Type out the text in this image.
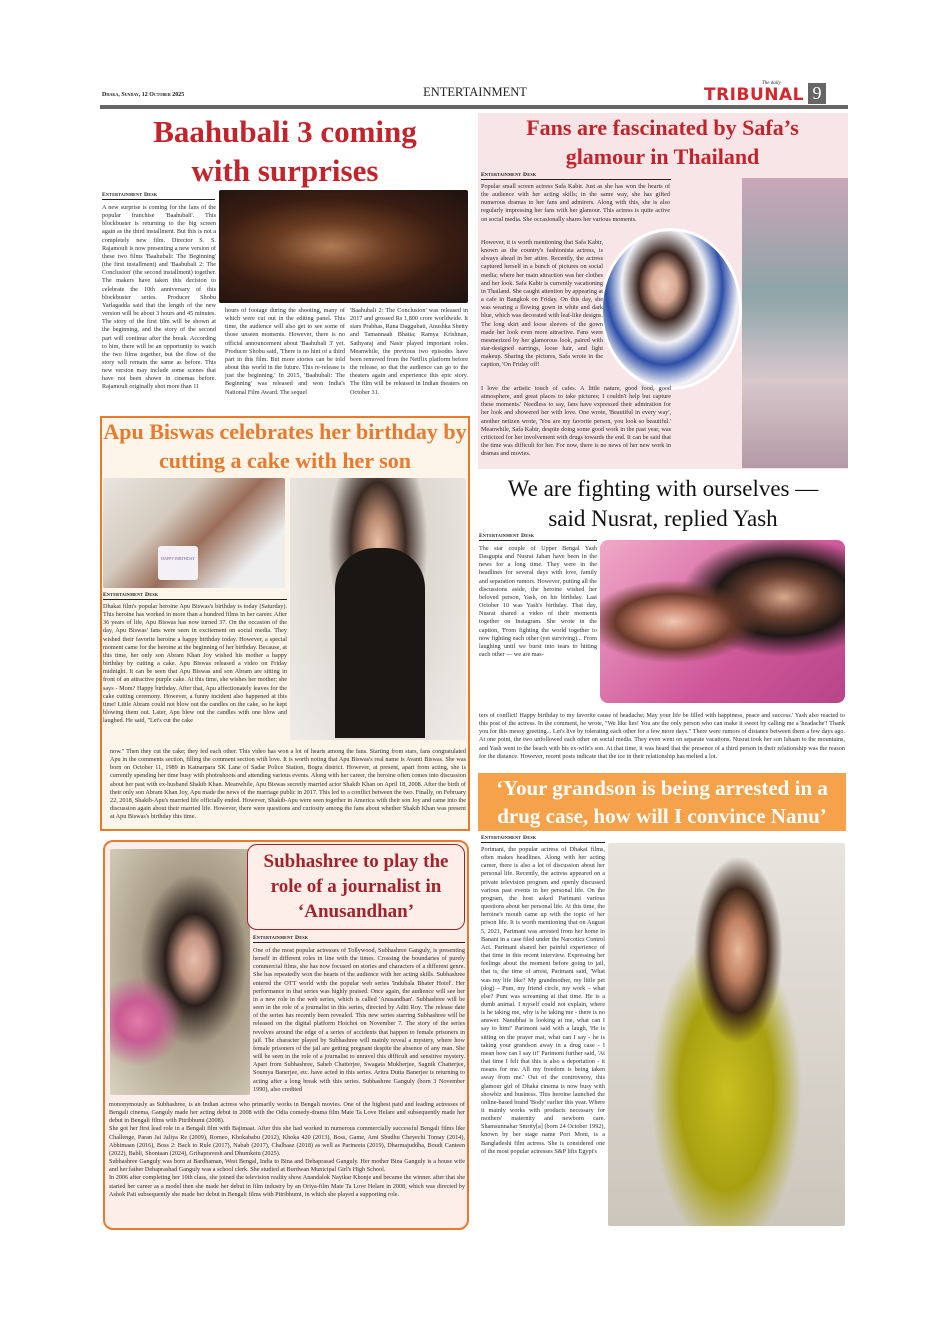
Dhaka, Sunday, 12 October 2025	ENTERTAINMENT
The daily
TRIBUNAL 9
Baahubali 3 coming with surprises
Entertainment Desk
A new surprise is coming for the fans of the popular franchise 'Baahubali'. This blockbuster is returning to the big screen again as the third installment. But this is not a completely new film. Director S. S. Rajamouli is now presenting a new version of these two films 'Baahubali: The Beginning' (the first installment) and 'Baahubali 2: The Conclusion' (the second installment) together. The makers have taken this decision to celebrate the 10th anniversary of this blockbuster series. Producer Shobu Yarlagadda said that the length of the new version will be about 3 hours and 45 minutes. The story of the first film will be shown at the beginning, and the story of the second part will continue after the break. According to him, there will be an opportunity to watch the two films together, but the flow of the story will remain the same as before. This new version may include some scenes that have not been shown in cinemas before. Rajamouli originally shot more than 11
hours of footage during the shooting, many of which were cut out in the editing panel. This time, the audience will also get to see some of those unseen moments. However, there is no official announcement about 'Baahubali 3' yet. Producer Shobu said, 'There is no hint of a third part in this film. But more stories can be told about this world in the future. This re-release is just the beginning.' In 2015, 'Baahubali: The Beginning' was released and won India's National Film Award. The sequel
'Baahubali 2: The Conclusion' was released in 2017 and grossed Rs 1,800 crore worldwide. It stars Prabhas, Rana Daggubati, Anushka Shetty and Tamannaah Bhatia; Ramya Krishnan, Sathyaraj and Nasir played important roles. Meanwhile, the previous two episodes have been removed from the Netflix platform before the release, so that the audience can go to the theaters again and experience this epic story. The film will be released in Indian theaters on October 31.
Apu Biswas celebrates her birthday by cutting a cake with her son
HAPPY BIRTHDAY
Entertainment Desk
Dhakai film's popular heroine Apu Biswas's birthday is today (Saturday). This heroine has worked in more than a hundred films in her career. After 36 years of life, Apu Biswas has now turned 37. On the occasion of the day, Apu Biswas' fans were seen in excitement on social media. They wished their favorite heroine a happy birthday today. However, a special moment came for the heroine at the beginning of her birthday. Because, at this time, her only son Abram Khan Joy wished his mother a happy birthday by cutting a cake. Apu Biswas released a video on Friday midnight. It can be seen that Apu Biswas and son Abram are sitting in front of an attractive purple cake. At this time, she wishes her mother; she says - Mom? Happy birthday. After that, Apu affectionately leaves for the cake cutting ceremony. However, a funny incident also happened at this time! Little Abram could not blow out the candles on the cake, so he kept blowing them out. Later, Apu blew out the candles with one blow and laughed. He said, "Let's cut the cake
now." Then they cut the cake; they fed each other. This video has won a lot of hearts among the fans. Starting from stars, fans congratulated Apu in the comments section, filling the comment section with love. It is worth noting that Apu Biswas's real name is Avanti Biswas. She was born on October 11, 1989 in Katnarpara SK Lane of Sadar Police Station, Bogra district. However, at present, apart from acting, she is currently spending her time busy with photoshoots and attending various events. Along with her career, the heroine often comes into discussion about her past with ex-husband Shakib Khan. Meanwhile, Apu Biswas secretly married actor Shakib Khan on April 18, 2008. After the birth of their only son Abram Khan Joy, Apu made the news of the marriage public in 2017. This led to a conflict between the two. Finally, on February 22, 2018, Shakib-Apu's married life officially ended. However, Shakib-Apu were seen together in America with their son Joy and came into the discussion again about their married life. However, there were questions and curiosity among the fans about whether Shakib Khan was present at Apu Biswas's birthday this time.
Subhashree to play the role of a journalist in ‘Anusandhan’
Entertainment Desk
One of the most popular actresses of Tollywood, Subhashree Ganguly, is presenting herself in different roles in line with the times. Crossing the boundaries of purely commercial films, she has now focused on stories and characters of a different genre. She has repeatedly won the hearts of the audience with her acting skills. Subhashree entered the OTT world with the popular web series 'Indubala Bhater Hotel'. Her performance in that series was highly praised. Once again, the audience will see her in a new role in the web series, which is called 'Anusandhan'. Subhashree will be seen in the role of a journalist in this series, directed by Aditi Roy. The release date of the series has recently been revealed. This new series starring Subhashree will be released on the digital platform Hoichoi on November 7. The story of the series revolves around the edge of a series of accidents that happen to female prisoners in jail. The character played by Subhashree will mainly reveal a mystery, where how female prisoners of the jail are getting pregnant despite the absence of any man. She will be seen in the role of a journalist to unravel this difficult and sensitive mystery. Apart from Subhashree, Saheb Chatterjee, Swagata Mukherjee, Sagnik Chatterjee, Soumya Banerjee, etc. have acted in this series. Aritra Dutta Banerjee is returning to acting after a long break with this series. Subhashree Ganguly (born 3 November 1990), also credited

mononymously as Subhashree, is an Indian actress who primarily works in Bengali movies. One of the highest paid and leading actresses of Bengali cinema, Ganguly made her acting debut in 2008 with the Odia comedy-drama film Mate Ta Love Helare and subsequently made her debut in Bengali films with Pitribhumi (2008).

She got her first lead role in a Bengali film with Bajimaat. After this she had worked in numerous commercially successful Bengali films like Challenge, Paran Jai Jaliya Re (2009), Romeo, Khokababu (2012), Khoka 420 (2013), Boss, Game, Ami Shudhu Cheyechi Tomay (2014), Abhimaan (2016), Boss 2: Back to Rule (2017), Nabab (2017), Chalbaaz (2018) as well as Parineeta (2019), Dharmajuddha, Boudi Canteen (2022), Babli, Shontaan (2024), Grihapravesh and Dhumketu (2025).

Subhashree Ganguly was born at Bardhaman, West Bengal, India to Bina and Debaprasad Ganguly. Her mother Bina Ganguly is a house wife and her father Debaprashad Ganguly was a school clerk. She studied at Burdwan Municipal Girl's High School.

In 2006 after completing her 10th class, she joined the television reality show Anandalok Nayikar Khonje and became the winner. after that she started her career as a model then she made her debut in film industry by an Oriya-film Mate Ta Love Helare in 2008, which was directed by Ashok Pati subsequently she made her debut in Bengali films with Pitribhumi, in which she played a supporting role.

Fans are fascinated by Safa’s glamour in Thailand
Entertainment Desk
Popular small screen actress Safa Kabir. Just as she has won the hearts of the audience with her acting skills; in the same way, she has gifted numerous dramas to her fans and admirers. Along with this, she is also regularly impressing her fans with her glamour. This actress is quite active on social media. She occasionally shares her various moments.
However, it is worth mentioning that Safa Kabir, known as the country's fashionista actress, is always ahead in her attire. Recently, the actress captured herself in a bunch of pictures on social media; where her main attraction was her clothes and her look. Safa Kabir is currently vacationing in Thailand. She caught attention by appearing at a cafe in Bangkok on Friday. On this day, she was wearing a flowing gown in white and dark blue, which was decorated with leaf-like designs. The long skirt and loose sleeves of the gown made her look even more attractive. Fans were mesmerized by her glamorous look, paired with star-designed earrings, loose hair, and light makeup. Sharing the pictures, Safa wrote in the caption, 'On Friday off!
I love the artistic touch of cafes. A little nature, good food, good atmosphere, and great places to take pictures; I couldn't help but capture these moments.' Needless to say, fans have expressed their admiration for her look and showered her with love. One wrote, 'Beautiful in every way', another netizen wrote, 'You are my favorite person, you look so beautiful.' Meanwhile, Safa Kabir, despite doing some good work in the past year, was criticized for her involvement with drugs towards the end. It can be said that the time was difficult for her. For now, there is no news of her new work in dramas and movies.
We are fighting with ourselves — said Nusrat, replied Yash
Entertainment Desk
The star couple of Upper Bengal Yash Dasgupta and Nusrat Jahan have been in the news for a long time. They were in the headlines for several days with love, family and separation rumors. However, putting all the discussions aside, the heroine wished her beloved person, Yash, on his birthday. Last October 10 was Yash's birthday. That day, Nusrat shared a video of their moments together on Instagram. She wrote in the caption, 'From fighting the world together to now fighting each other (yet surviving)... From laughing until we burst into tears to hitting each other — we are mas-
ters of conflict! Happy birthday to my favorite cause of headache; May your life be filled with happiness, peace and success.' Yash also reacted to this post of the actress. In the comment, he wrote, "We like lies! You are the only person who can make it sweet by calling me a 'headache'! Thank you for this messy greeting... Let's live by tolerating each other for a few more days." There were rumors of distance between them a few days ago. At one point, the two unfollowed each other on social media. They even went on separate vacations. Nusrat took her son Ishaan to the mountains, and Yash went to the beach with his ex-wife's son. At that time, it was heard that the presence of a third person in their relationship was the reason for the distance. However, recent posts indicate that the ice in their relationship has melted a lot.
‘Your grandson is being arrested in a drug case, how will I convince Nanu’
Entertainment Desk
Porimani, the popular actress of Dhakai films, often makes headlines. Along with her acting career, there is also a lot of discussion about her personal life. Recently, the actress appeared on a private television program and openly discussed various past events in her personal life. On the program, the host asked Parimani various questions about her personal life. At this time, the heroine's mouth came up with the topic of her prison life. It is worth mentioning that on August 5, 2021, Parimani was arrested from her home in Banani in a case filed under the Narcotics Control Act. Parimani shared her painful experience of that time in this recent interview. Expressing her feelings about the moment before going to jail, that is, the time of arrest, Parimani said, 'What was my life like? My grandmother, my little pet (dog) – Pum, my friend circle, my work – what else? Pum was screaming at that time. He is a dumb animal. I myself could not explain, where is he taking me, why is he taking me - there is no answer. Nanubhai is looking at me, what can I say to him!' Parimoni said with a laugh, 'He is sitting on the prayer mat, what can I say - he is taking your grandson away in a drug case - I mean how can I say it!' Parimoni further said, 'At that time I felt that this is also a deportation - it means for me. All my freedom is being taken away from me.' Out of the controversy, this glamour girl of Dhaka cinema is now busy with showbiz and business. This heroine launched the online-based brand 'Body' earlier this year. Where it mainly works with products necessary for mothers' maternity and newborn care. Shamsunnahar Smrity[a] (born 24 October 1992), known by her stage name Pori Moni, is a Bangladeshi film actress. She is considered one of the most popular actresses S&P lifts Egypt's
